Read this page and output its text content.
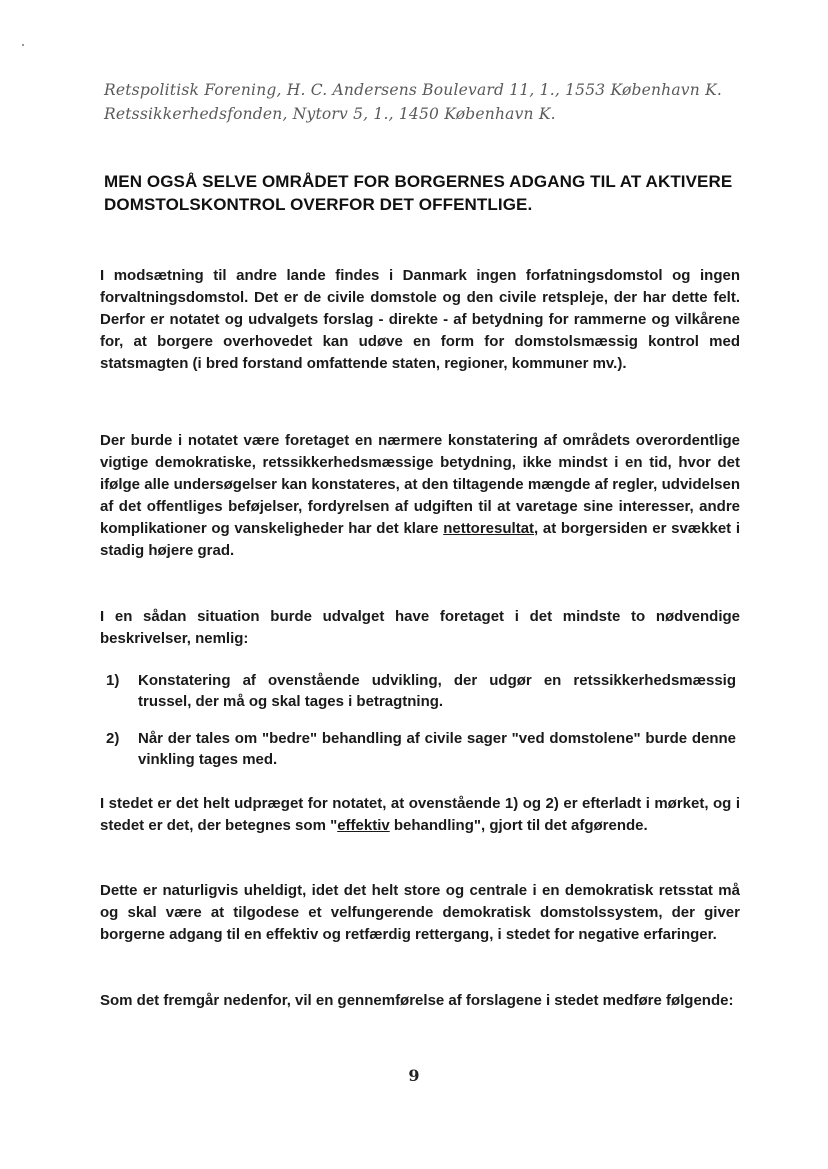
Retspolitisk Forening, H. C. Andersens Boulevard 11, 1., 1553 København K.
Retssikkerhedsfonden, Nytorv 5, 1., 1450 København K.
MEN OGSÅ SELVE OMRÅDET FOR BORGERNES ADGANG TIL AT AKTIVERE DOMSTOLSKONTROL OVERFOR DET OFFENTLIGE.
I modsætning til andre lande findes i Danmark ingen forfatningsdomstol og ingen forvaltningsdomstol. Det er de civile domstole og den civile retspleje, der har dette felt. Derfor er notatet og udvalgets forslag - direkte - af betydning for rammerne og vilkårene for, at borgere overhovedet kan udøve en form for domstolsmæssig kontrol med statsmagten (i bred forstand omfattende staten, regioner, kommuner mv.).
Der burde i notatet være foretaget en nærmere konstatering af områdets overordentlige vigtige demokratiske, retssikkerhedsmæssige betydning, ikke mindst i en tid, hvor det ifølge alle undersøgelser kan konstateres, at den tiltagende mængde af regler, udvidelsen af det offentliges beføjelser, fordyrelsen af udgiften til at varetage sine interesser, andre komplikationer og vanskeligheder har det klare nettoresultat, at borgersiden er svækket i stadig højere grad.
I en sådan situation burde udvalget have foretaget i det mindste to nødvendige beskrivelser, nemlig:
1)	Konstatering af ovenstående udvikling, der udgør en retssikkerhedsmæssig trussel, der må og skal tages i betragtning.
2)	Når der tales om "bedre" behandling af civile sager "ved domstolene" burde denne vinkling tages med.
I stedet er det helt udpræget for notatet, at ovenstående 1) og 2) er efterladt i mørket, og i stedet er det, der betegnes som "effektiv behandling", gjort til det afgørende.
Dette er naturligvis uheldigt, idet det helt store og centrale i en demokratisk retsstat må og skal være at tilgodese et velfungerende demokratisk domstolssystem, der giver borgerne adgang til en effektiv og retfærdig rettergang, i stedet for negative erfaringer.
Som det fremgår nedenfor, vil en gennemførelse af forslagene i stedet medføre følgende:
9
